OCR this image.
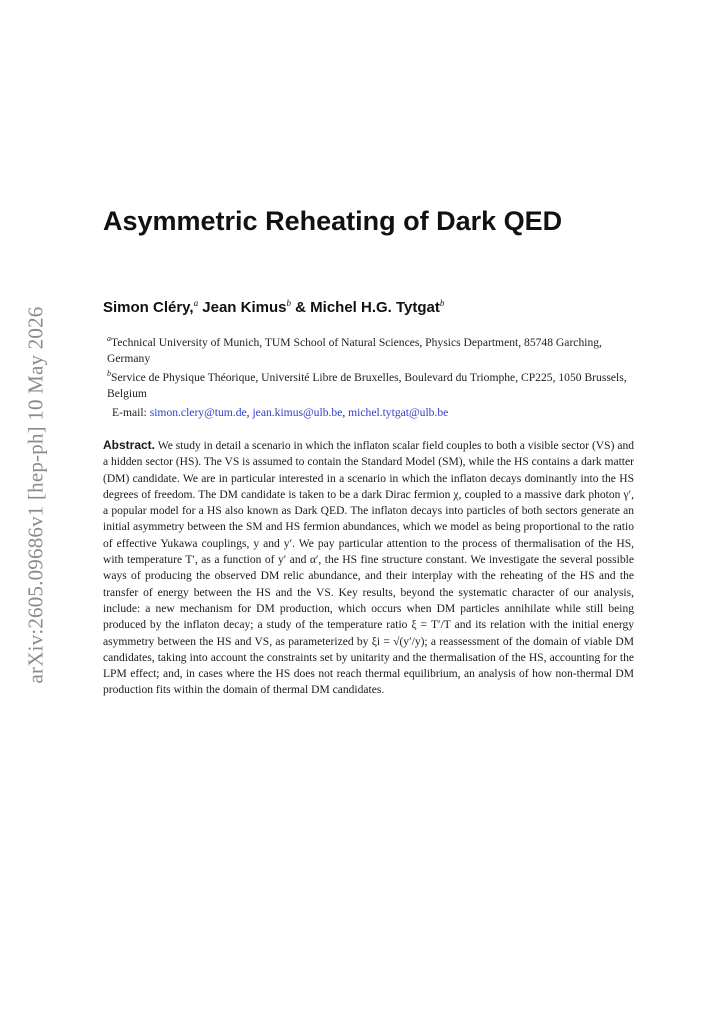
arXiv:2605.09686v1 [hep-ph] 10 May 2026
Asymmetric Reheating of Dark QED
Simon Cléry,$^a$ Jean Kimus$^b$ & Michel H.G. Tytgat$^b$
$^a$Technical University of Munich, TUM School of Natural Sciences, Physics Department, 85748 Garching, Germany
$^b$Service de Physique Théorique, Université Libre de Bruxelles, Boulevard du Triomphe, CP225, 1050 Brussels, Belgium
E-mail: simon.clery@tum.de, jean.kimus@ulb.be, michel.tytgat@ulb.be
Abstract. We study in detail a scenario in which the inflaton scalar field couples to both a visible sector (VS) and a hidden sector (HS). The VS is assumed to contain the Standard Model (SM), while the HS contains a dark matter (DM) candidate. We are in particular interested in a scenario in which the inflaton decays dominantly into the HS degrees of freedom. The DM candidate is taken to be a dark Dirac fermion χ, coupled to a massive dark photon γ′, a popular model for a HS also known as Dark QED. The inflaton decays into particles of both sectors generate an initial asymmetry between the SM and HS fermion abundances, which we model as being proportional to the ratio of effective Yukawa couplings, y and y′. We pay particular attention to the process of thermalisation of the HS, with temperature T′, as a function of y′ and α′, the HS fine structure constant. We investigate the several possible ways of producing the observed DM relic abundance, and their interplay with the reheating of the HS and the transfer of energy between the HS and the VS. Key results, beyond the systematic character of our analysis, include: a new mechanism for DM production, which occurs when DM particles annihilate while still being produced by the inflaton decay; a study of the temperature ratio ξ = T′/T and its relation with the initial energy asymmetry between the HS and VS, as parameterized by ξi = √(y′/y); a reassessment of the domain of viable DM candidates, taking into account the constraints set by unitarity and the thermalisation of the HS, accounting for the LPM effect; and, in cases where the HS does not reach thermal equilibrium, an analysis of how non-thermal DM production fits within the domain of thermal DM candidates.
